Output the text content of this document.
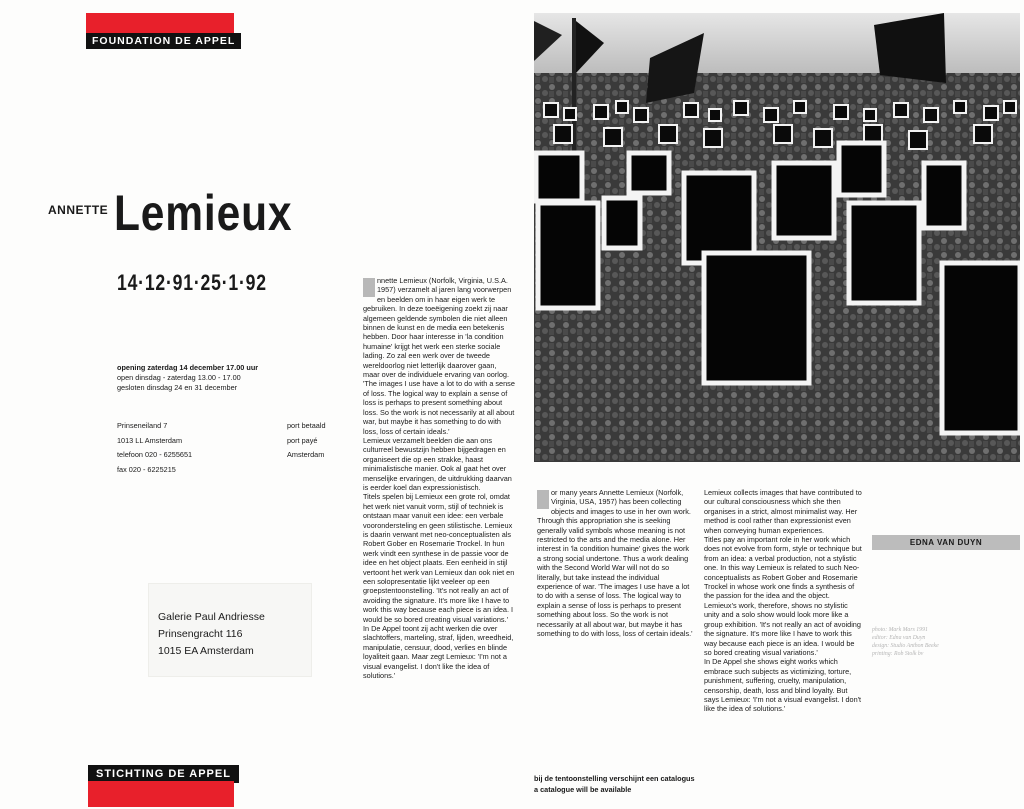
FOUNDATION DE APPEL
ANNETTE Lemieux
14·12·91·25·1·92
opening zaterdag 14 december 17.00 uur
open dinsdag - zaterdag 13.00 - 17.00
gesloten dinsdag 24 en 31 december
Prinseneiland 7
1013 LL Amsterdam
telefoon 020 - 6255651
fax 020 - 6225215
port betaald
port payé
Amsterdam
Galerie Paul Andriesse
Prinsengracht 116
1015 EA Amsterdam
STICHTING DE APPEL

nnette Lemieux (Norfolk, Virginia, U.S.A. 1957) verzamelt al jaren lang voorwerpen en beelden om in haar eigen werk te gebruiken. In deze toeëigening zoekt zij naar algemeen geldende symbolen die niet alleen binnen de kunst en de media een betekenis hebben. Door haar interesse in 'la condition humaine' krijgt het werk een sterke sociale lading. Zo zal een werk over de tweede wereldoorlog niet letterlijk daarover gaan, maar over de individuele ervaring van oorlog. 'The images I use have a lot to do with a sense of loss. The logical way to explain a sense of loss is perhaps to present something about loss. So the work is not necessarily at all about war, but maybe it has something to do with loss, loss of certain ideals.'

Lemieux verzamelt beelden die aan ons culturreel bewustzijn hebben bijgedragen en organiseert die op een strakke, haast minimalistische manier. Ook al gaat het over menselijke ervaringen, de uitdrukking daarvan is eerder koel dan expressionistisch.

Titels spelen bij Lemieux een grote rol, omdat het werk niet vanuit vorm, stijl of techniek is ontstaan maar vanuit een idee: een verbale voorondersteling en geen stilistische. Lemieux is daarin verwant met neo-conceptualisten als Robert Gober en Rosemarie Trockel. In hun werk vindt een synthese in de passie voor de idee en het object plaats. Een eenheid in stijl vertoont het werk van Lemieux dan ook niet en een solopresentatie lijkt veeleer op een groepstentoonstelling. 'It's not really an act of avoiding the signature. It's more like I have to work this way because each piece is an idea. I would be so bored creating visual variations.'

In De Appel toont zij acht werken die over slachtoffers, marteling, straf, lijden, wreedheid, manipulatie, censuur, dood, verlies en blinde loyaliteit gaan. Maar zegt Lemieux: 'I'm not a visual evangelist. I don't like the idea of solutions.'

or many years Annette Lemieux (Norfolk, Virginia, USA, 1957) has been collecting objects and images to use in her own work. Through this appropriation she is seeking generally valid symbols whose meaning is not restricted to the arts and the media alone. Her interest in 'la condition humaine' gives the work a strong social undertone. Thus a work dealing with the Second World War will not do so literally, but take instead the individual experience of war. 'The images I use have a lot to do with a sense of loss. The logical way to explain a sense of loss is perhaps to present something about loss. So the work is not necessarily at all about war, but maybe it has something to do with loss, loss of certain ideals.'

Lemieux collects images that have contributed to our cultural consciousness which she then organises in a strict, almost minimalist way. Her method is cool rather than expressionist even when conveying human experiences.

Titles pay an important role in her work which does not evolve from form, style or technique but from an idea: a verbal production, not a stylistic one. In this way Lemieux is related to such Neo-conceptualists as Robert Gober and Rosemarie Trockel in whose work one finds a synthesis of the passion for the idea and the object. Lemieux's work, therefore, shows no stylistic unity and a solo show would look more like a group exhibition. 'It's not really an act of avoiding the signature. It's more like I have to work this way because each piece is an idea. I would be so bored creating visual variations.'

In De Appel she shows eight works which embrace such subjects as victimizing, torture, punishment, suffering, cruelty, manipulation, censorship, death, loss and blind loyalty. But says Lemieux: 'I'm not a visual evangelist. I don't like the idea of solutions.'

EDNA VAN DUYN
photo: Mark Mars 1991
editor: Edna van Duyn
design: Studio Anthon Beeke
printing: Rob Stolk bv
bij de tentoonstelling verschijnt een catalogus
a catalogue will be available
